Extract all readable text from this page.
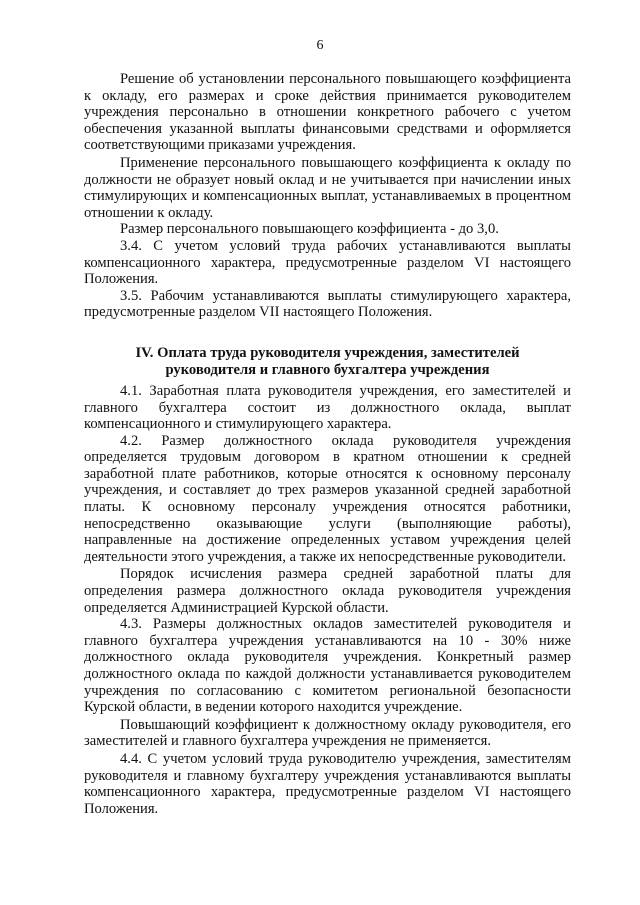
6

Решение об установлении персонального повышающего коэффициента к окладу, его размерах и сроке действия принимается руководителем учреждения персонально в отношении конкретного рабочего с учетом обеспечения указанной выплаты финансовыми средствами и оформляется соответствующими приказами учреждения.

Применение персонального повышающего коэффициента к окладу по должности не образует новый оклад и не учитывается при начислении иных стимулирующих и компенсационных выплат, устанавливаемых в процентном отношении к окладу.

Размер персонального повышающего коэффициента - до 3,0.

3.4. С учетом условий труда рабочих устанавливаются выплаты компенсационного характера, предусмотренные разделом VI настоящего Положения.

3.5. Рабочим устанавливаются выплаты стимулирующего характера, предусмотренные разделом VII настоящего Положения.

IV. Оплата труда руководителя учреждения, заместителей
руководителя и главного бухгалтера учреждения

4.1. Заработная плата руководителя учреждения, его заместителей и главного бухгалтера состоит из должностного оклада, выплат компенсационного и стимулирующего характера.

4.2. Размер должностного оклада руководителя учреждения определяется трудовым договором в кратном отношении к средней заработной плате работников, которые относятся к основному персоналу учреждения, и составляет до трех размеров указанной средней заработной платы. К основному персоналу учреждения относятся работники, непосредственно оказывающие услуги (выполняющие работы), направленные на достижение определенных уставом учреждения целей деятельности этого учреждения, а также их непосредственные руководители.

Порядок исчисления размера средней заработной платы для определения размера должностного оклада руководителя учреждения определяется Администрацией Курской области.

4.3. Размеры должностных окладов заместителей руководителя и главного бухгалтера учреждения устанавливаются на 10 - 30% ниже должностного оклада руководителя учреждения. Конкретный размер должностного оклада по каждой должности устанавливается руководителем учреждения по согласованию с комитетом региональной безопасности Курской области, в ведении которого находится учреждение.

Повышающий коэффициент к должностному окладу руководителя, его заместителей и главного бухгалтера учреждения не применяется.

4.4. С учетом условий труда руководителю учреждения, заместителям руководителя и главному бухгалтеру учреждения устанавливаются выплаты компенсационного характера, предусмотренные разделом VI настоящего Положения.
